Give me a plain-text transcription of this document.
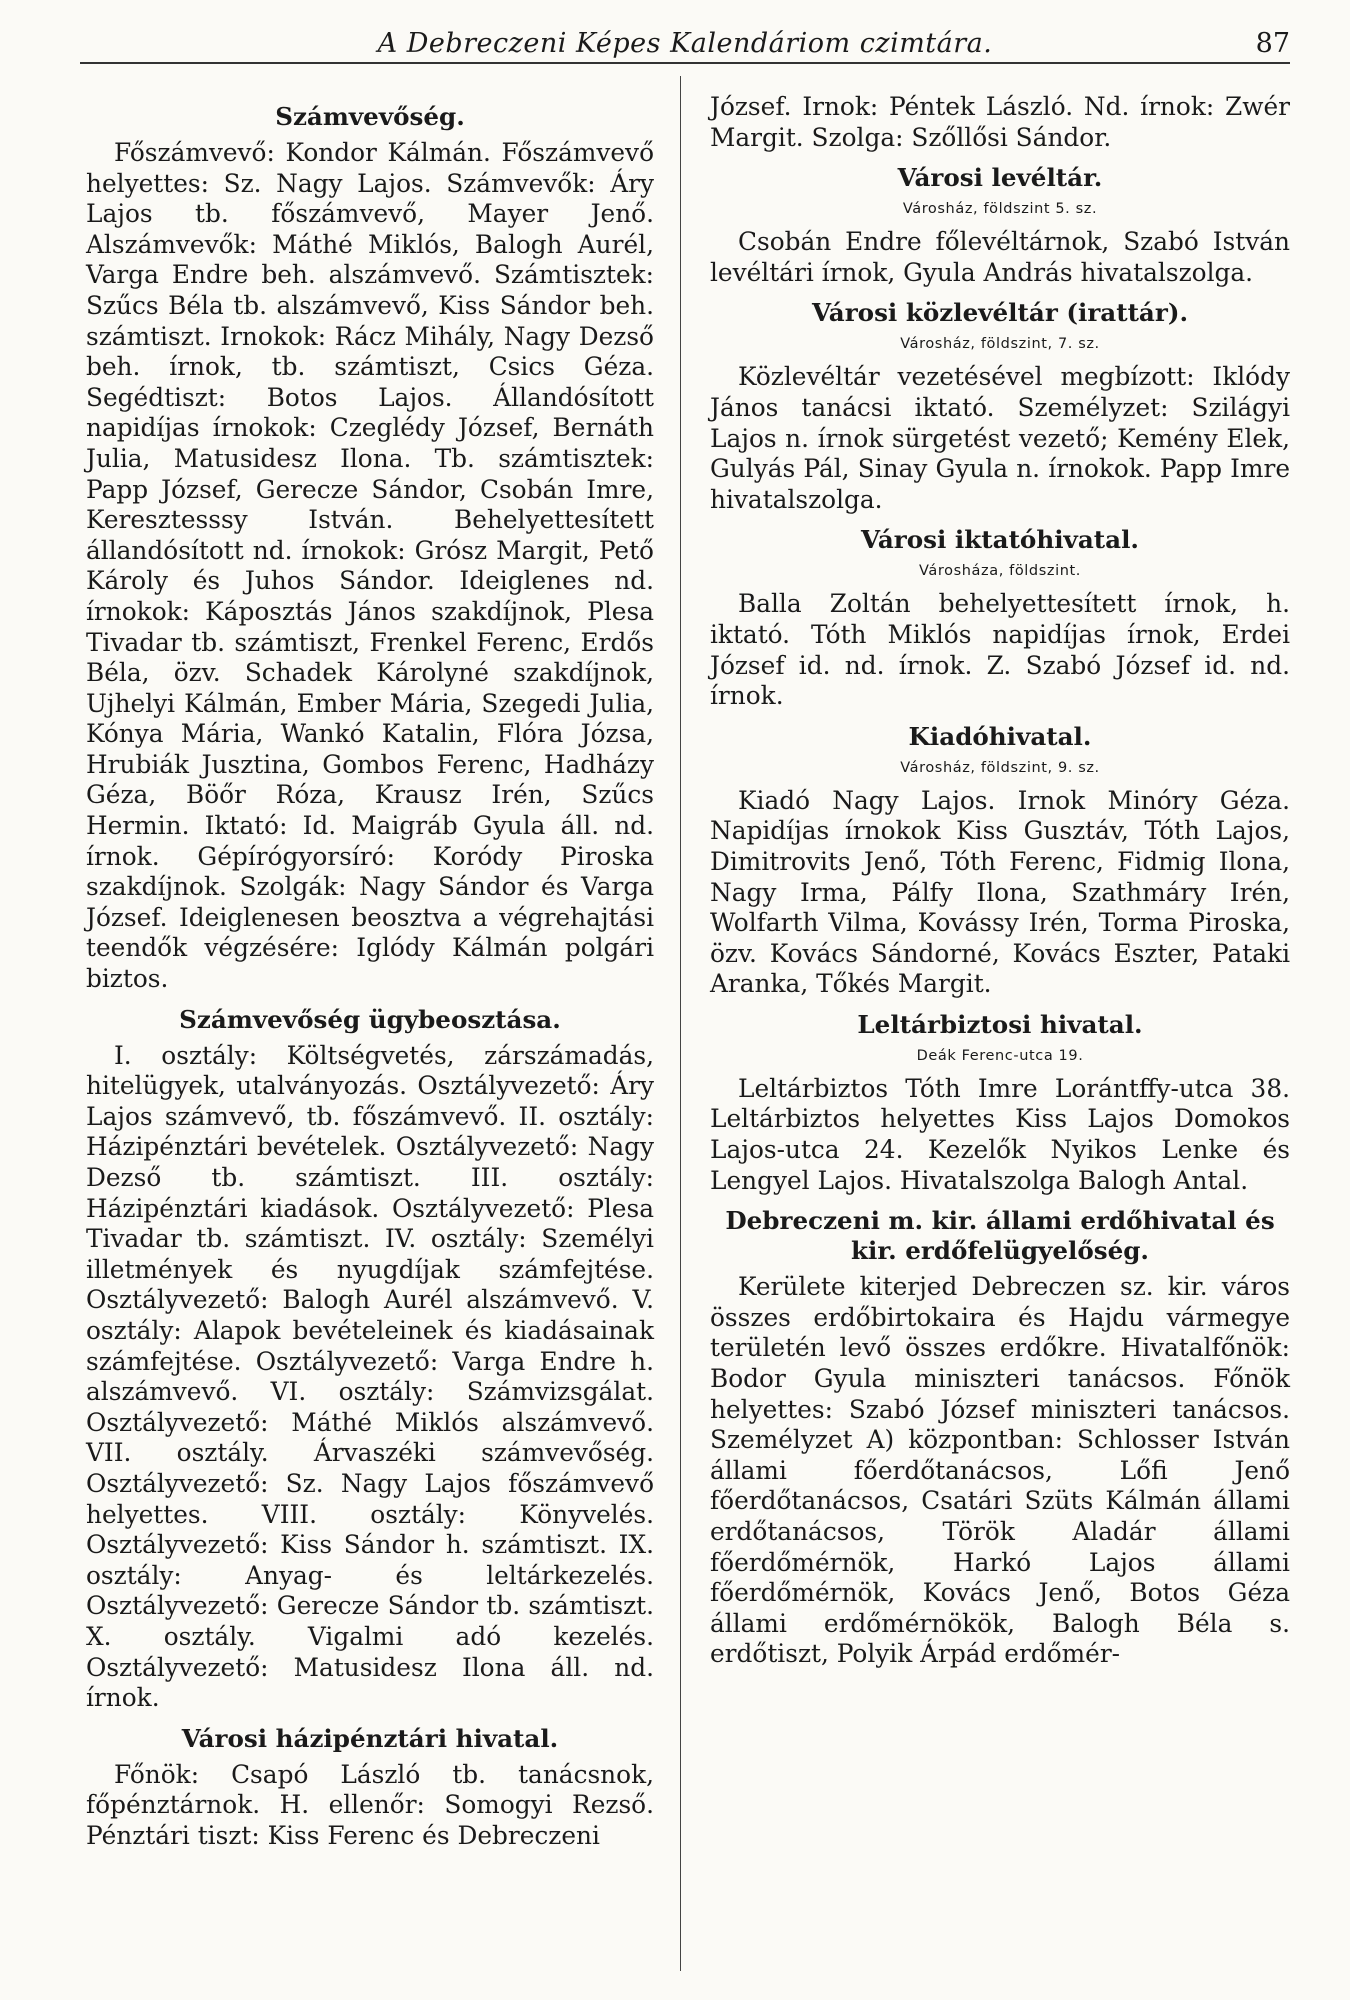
A Debreczeni Képes Kalendáriom czimtára.	87
Számvevőség.

Főszámvevő: Kondor Kálmán. Főszámvevő helyettes: Sz. Nagy Lajos. Számvevők: Áry Lajos tb. főszámvevő, Mayer Jenő. Alszámvevők: Máthé Miklós, Balogh Aurél, Varga Endre beh. alszámvevő. Számtisztek: Szűcs Béla tb. alszámvevő, Kiss Sándor beh. számtiszt. Irnokok: Rácz Mihály, Nagy Dezső beh. írnok, tb. számtiszt, Csics Géza. Segédtiszt: Botos Lajos. Állandósított napidíjas írnokok: Czeglédy József, Bernáth Julia, Matusidesz Ilona. Tb. számtisztek: Papp József, Gerecze Sándor, Csobán Imre, Keresztesssy István. Behelyettesített állandósított nd. írnokok: Grósz Margit, Pető Károly és Juhos Sándor. Ideiglenes nd. írnokok: Káposztás János szakdíjnok, Plesa Tivadar tb. számtiszt, Frenkel Ferenc, Erdős Béla, özv. Schadek Károlyné szakdíjnok, Ujhelyi Kálmán, Ember Mária, Szegedi Julia, Kónya Mária, Wankó Katalin, Flóra Józsa, Hrubiák Jusztina, Gombos Ferenc, Hadházy Géza, Böőr Róza, Krausz Irén, Szűcs Hermin. Iktató: Id. Maigráb Gyula áll. nd. írnok. Gépírógyorsíró: Koródy Piroska szakdíjnok. Szolgák: Nagy Sándor és Varga József. Ideiglenesen beosztva a végrehajtási teendők végzésére: Iglódy Kálmán polgári biztos.

Számvevőség ügybeosztása.

I. osztály: Költségvetés, zárszámadás, hitelügyek, utalványozás. Osztályvezető: Áry Lajos számvevő, tb. főszámvevő. II. osztály: Házipénztári bevételek. Osztályvezető: Nagy Dezső tb. számtiszt. III. osztály: Házipénztári kiadások. Osztályvezető: Plesa Tivadar tb. számtiszt. IV. osztály: Személyi illetmények és nyugdíjak számfejtése. Osztályvezető: Balogh Aurél alszámvevő. V. osztály: Alapok bevételeinek és kiadásainak számfejtése. Osztályvezető: Varga Endre h. alszámvevő. VI. osztály: Számvizsgálat. Osztályvezető: Máthé Miklós alszámvevő. VII. osztály. Árvaszéki számvevőség. Osztályvezető: Sz. Nagy Lajos főszámvevő helyettes. VIII. osztály: Könyvelés. Osztályvezető: Kiss Sándor h. számtiszt. IX. osztály: Anyag- és leltárkezelés. Osztályvezető: Gerecze Sándor tb. számtiszt. X. osztály. Vigalmi adó kezelés. Osztályvezető: Matusidesz Ilona áll. nd. írnok.

Városi házipénztári hivatal.

Főnök: Csapó László tb. tanácsnok, főpénztárnok. H. ellenőr: Somogyi Rezső. Pénztári tiszt: Kiss Ferenc és Debreczeni

József. Irnok: Péntek László. Nd. írnok: Zwér Margit. Szolga: Szőllősi Sándor.

Városi levéltár.
Városház, földszint 5. sz.

Csobán Endre főlevéltárnok, Szabó István levéltári írnok, Gyula András hivatalszolga.

Városi közlevéltár (irattár).
Városház, földszint, 7. sz.

Közlevéltár vezetésével megbízott: Iklódy János tanácsi iktató. Személyzet: Szilágyi Lajos n. írnok sürgetést vezető; Kemény Elek, Gulyás Pál, Sinay Gyula n. írnokok. Papp Imre hivatalszolga.

Városi iktatóhivatal.
Városháza, földszint.

Balla Zoltán behelyettesített írnok, h. iktató. Tóth Miklós napidíjas írnok, Erdei József id. nd. írnok. Z. Szabó József id. nd. írnok.

Kiadóhivatal.
Városház, földszint, 9. sz.

Kiadó Nagy Lajos. Irnok Minóry Géza. Napidíjas írnokok Kiss Gusztáv, Tóth Lajos, Dimitrovits Jenő, Tóth Ferenc, Fidmig Ilona, Nagy Irma, Pálfy Ilona, Szathmáry Irén, Wolfarth Vilma, Kovássy Irén, Torma Piroska, özv. Kovács Sándorné, Kovács Eszter, Pataki Aranka, Tőkés Margit.

Leltárbiztosi hivatal.
Deák Ferenc-utca 19.

Leltárbiztos Tóth Imre Lorántffy-utca 38. Leltárbiztos helyettes Kiss Lajos Domokos Lajos-utca 24. Kezelők Nyikos Lenke és Lengyel Lajos. Hivatalszolga Balogh Antal.

Debreczeni m. kir. állami erdőhivatal és kir. erdőfelügyelőség.

Kerülete kiterjed Debreczen sz. kir. város összes erdőbirtokaira és Hajdu vármegye területén levő összes erdőkre. Hivatalfőnök: Bodor Gyula miniszteri tanácsos. Főnök helyettes: Szabó József miniszteri tanácsos. Személyzet A) központban: Schlosser István állami főerdőtanácsos, Lőfi Jenő főerdőtanácsos, Csatári Szüts Kálmán állami erdőtanácsos, Török Aladár állami főerdőmérnök, Harkó Lajos állami főerdőmérnök, Kovács Jenő, Botos Géza állami erdőmérnökök, Balogh Béla s. erdőtiszt, Polyik Árpád erdőmér-
